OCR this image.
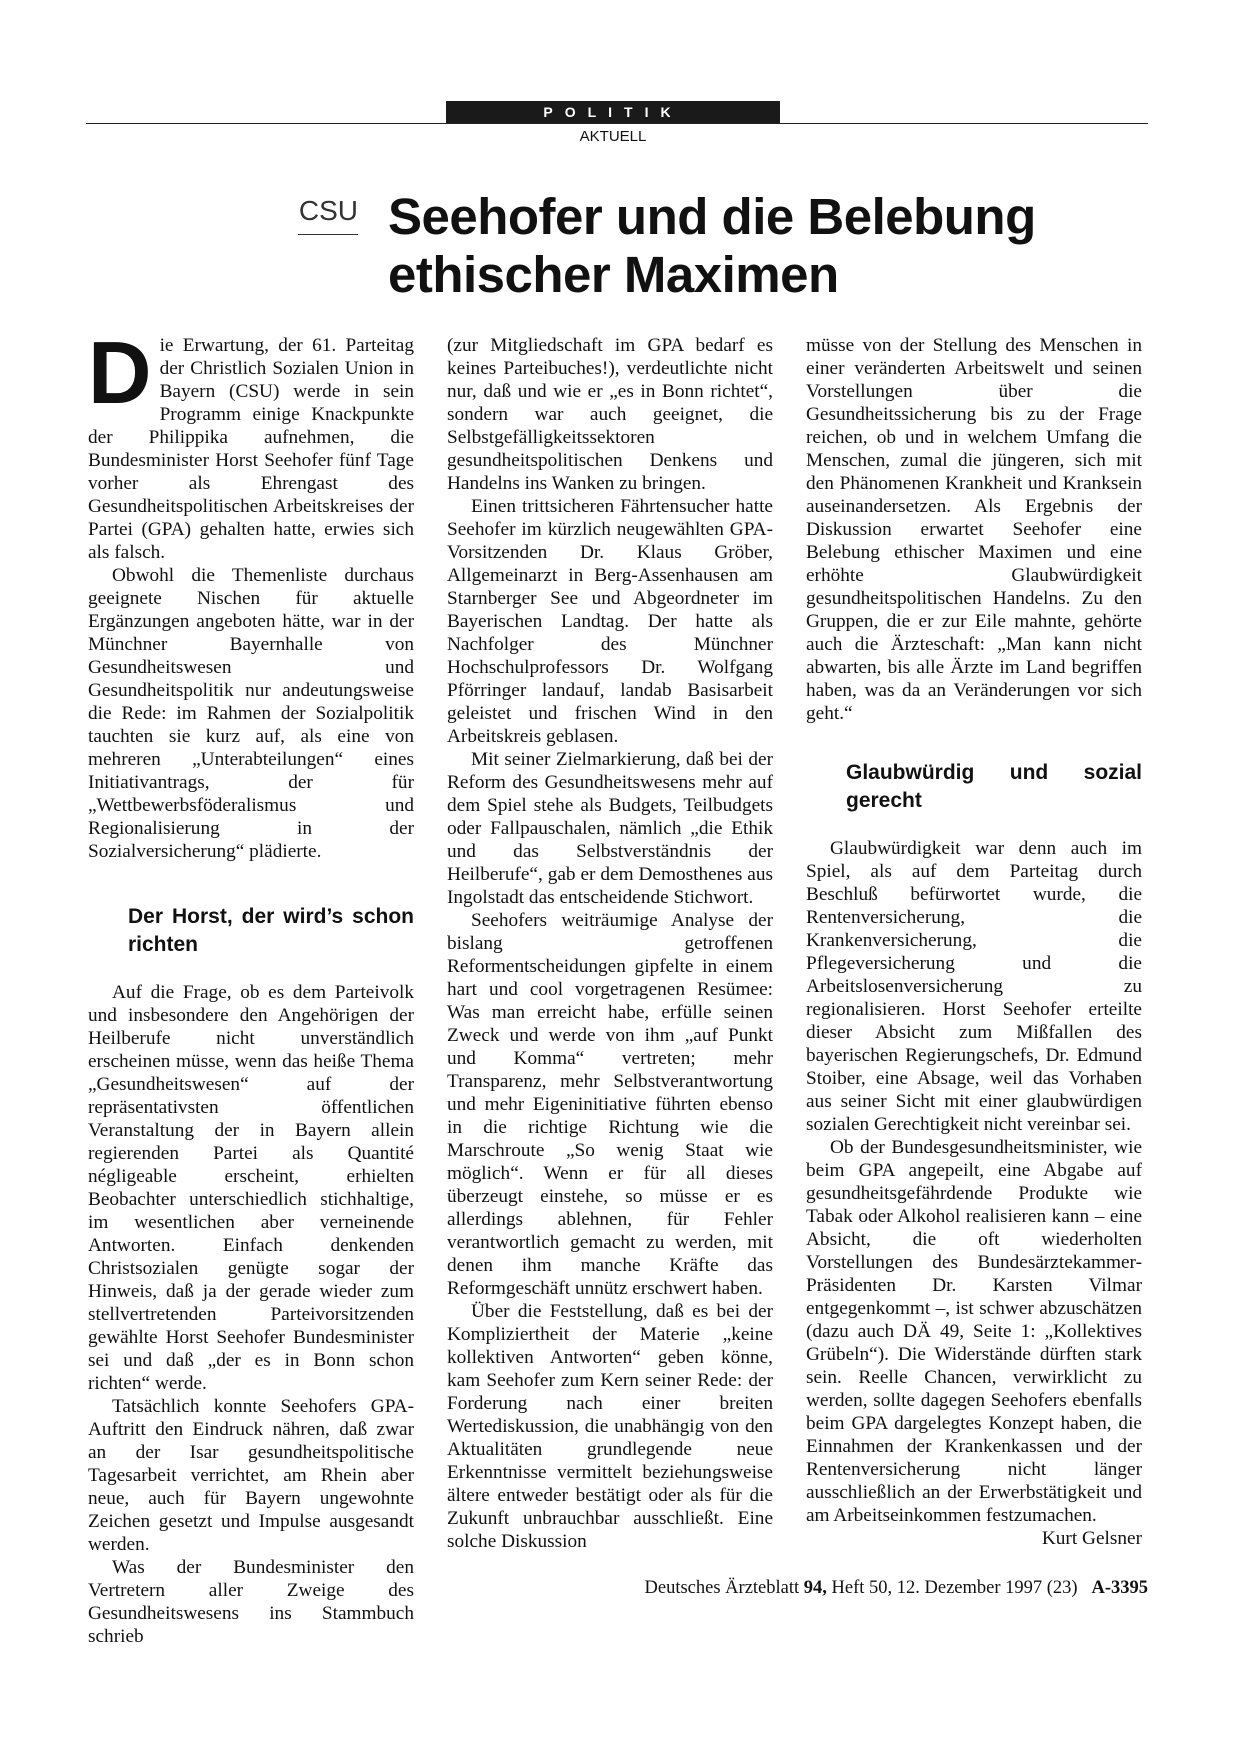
POLITIK
AKTUELL
CSU Seehofer und die Belebung ethischer Maximen

Die Erwartung, der 61. Parteitag der Christlich Sozialen Union in Bayern (CSU) werde in sein Programm einige Knackpunkte der Philippika aufnehmen, die Bundesminister Horst Seehofer fünf Tage vorher als Ehrengast des Gesundheitspolitischen Arbeitskreises der Partei (GPA) gehalten hatte, erwies sich als falsch.

Obwohl die Themenliste durchaus geeignete Nischen für aktuelle Ergänzungen angeboten hätte, war in der Münchner Bayernhalle von Gesundheitswesen und Gesundheitspolitik nur andeutungsweise die Rede: im Rahmen der Sozialpolitik tauchten sie kurz auf, als eine von mehreren „Unterabteilungen“ eines Initiativantrags, der für „Wettbewerbsföderalismus und Regionalisierung in der Sozialversicherung“ plädierte.

Der Horst, der wird’s schon richten

Auf die Frage, ob es dem Parteivolk und insbesondere den Angehörigen der Heilberufe nicht unverständlich erscheinen müsse, wenn das heiße Thema „Gesundheitswesen“ auf der repräsentativsten öffentlichen Veranstaltung der in Bayern allein regierenden Partei als Quantité négligeable erscheint, erhielten Beobachter unterschiedlich stichhaltige, im wesentlichen aber verneinende Antworten. Einfach denkenden Christsozialen genügte sogar der Hinweis, daß ja der gerade wieder zum stellvertretenden Parteivorsitzenden gewählte Horst Seehofer Bundesminister sei und daß „der es in Bonn schon richten“ werde.

Tatsächlich konnte Seehofers GPA-Auftritt den Eindruck nähren, daß zwar an der Isar gesundheitspolitische Tagesarbeit verrichtet, am Rhein aber neue, auch für Bayern ungewohnte Zeichen gesetzt und Impulse ausgesandt werden.

Was der Bundesminister den Vertretern aller Zweige des Gesundheitswesens ins Stammbuch schrieb

(zur Mitgliedschaft im GPA bedarf es keines Parteibuches!), verdeutlichte nicht nur, daß und wie er „es in Bonn richtet“, sondern war auch geeignet, die Selbstgefälligkeitssektoren gesundheitspolitischen Denkens und Handelns ins Wanken zu bringen.

Einen trittsicheren Fährtensucher hatte Seehofer im kürzlich neugewählten GPA-Vorsitzenden Dr. Klaus Gröber, Allgemeinarzt in Berg-Assenhausen am Starnberger See und Abgeordneter im Bayerischen Landtag. Der hatte als Nachfolger des Münchner Hochschulprofessors Dr. Wolfgang Pförringer landauf, landab Basisarbeit geleistet und frischen Wind in den Arbeitskreis geblasen.

Mit seiner Zielmarkierung, daß bei der Reform des Gesundheitswesens mehr auf dem Spiel stehe als Budgets, Teilbudgets oder Fallpauschalen, nämlich „die Ethik und das Selbstverständnis der Heilberufe“, gab er dem Demosthenes aus Ingolstadt das entscheidende Stichwort.

Seehofers weiträumige Analyse der bislang getroffenen Reformentscheidungen gipfelte in einem hart und cool vorgetragenen Resümee: Was man erreicht habe, erfülle seinen Zweck und werde von ihm „auf Punkt und Komma“ vertreten; mehr Transparenz, mehr Selbstverantwortung und mehr Eigeninitiative führten ebenso in die richtige Richtung wie die Marschroute „So wenig Staat wie möglich“. Wenn er für all dieses überzeugt einstehe, so müsse er es allerdings ablehnen, für Fehler verantwortlich gemacht zu werden, mit denen ihm manche Kräfte das Reformgeschäft unnütz erschwert haben.

Über die Feststellung, daß es bei der Kompliziertheit der Materie „keine kollektiven Antworten“ geben könne, kam Seehofer zum Kern seiner Rede: der Forderung nach einer breiten Wertediskussion, die unabhängig von den Aktualitäten grundlegende neue Erkenntnisse vermittelt beziehungsweise ältere entweder bestätigt oder als für die Zukunft unbrauchbar ausschließt. Eine solche Diskussion

müsse von der Stellung des Menschen in einer veränderten Arbeitswelt und seinen Vorstellungen über die Gesundheitssicherung bis zu der Frage reichen, ob und in welchem Umfang die Menschen, zumal die jüngeren, sich mit den Phänomenen Krankheit und Kranksein auseinandersetzen. Als Ergebnis der Diskussion erwartet Seehofer eine Belebung ethischer Maximen und eine erhöhte Glaubwürdigkeit gesundheitspolitischen Handelns. Zu den Gruppen, die er zur Eile mahnte, gehörte auch die Ärzteschaft: „Man kann nicht abwarten, bis alle Ärzte im Land begriffen haben, was da an Veränderungen vor sich geht.“

Glaubwürdig und sozial gerecht

Glaubwürdigkeit war denn auch im Spiel, als auf dem Parteitag durch Beschluß befürwortet wurde, die Rentenversicherung, die Krankenversicherung, die Pflegeversicherung und die Arbeitslosenversicherung zu regionalisieren. Horst Seehofer erteilte dieser Absicht zum Mißfallen des bayerischen Regierungschefs, Dr. Edmund Stoiber, eine Absage, weil das Vorhaben aus seiner Sicht mit einer glaubwürdigen sozialen Gerechtigkeit nicht vereinbar sei.

Ob der Bundesgesundheitsminister, wie beim GPA angepeilt, eine Abgabe auf gesundheitsgefährdende Produkte wie Tabak oder Alkohol realisieren kann – eine Absicht, die oft wiederholten Vorstellungen des Bundesärztekammer-Präsidenten Dr. Karsten Vilmar entgegenkommt –, ist schwer abzuschätzen (dazu auch DÄ 49, Seite 1: „Kollektives Grübeln“). Die Widerstände dürften stark sein. Reelle Chancen, verwirklicht zu werden, sollte dagegen Seehofers ebenfalls beim GPA dargelegtes Konzept haben, die Einnahmen der Krankenkassen und der Rentenversicherung nicht länger ausschließlich an der Erwerbstätigkeit und am Arbeitseinkommen festzumachen.
Kurt Gelsner

Deutsches Ärzteblatt 94, Heft 50, 12. Dezember 1997 (23) A-3395
